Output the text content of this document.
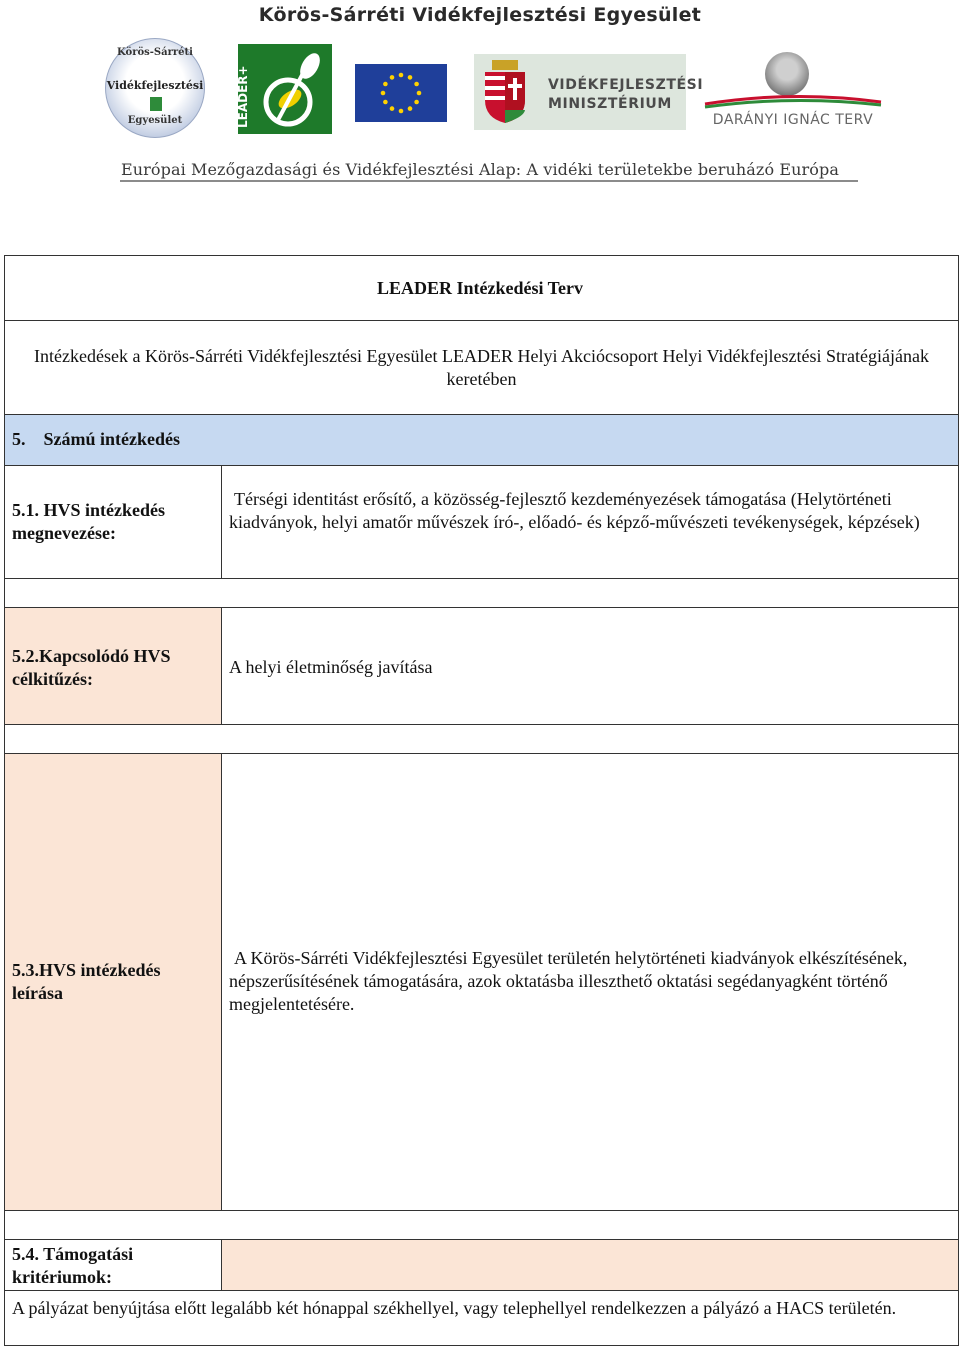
Körös-Sárréti Vidékfejlesztési Egyesület
Körös-Sárréti
Vidékfejlesztési
Egyesület	LEADER+	VIDÉKFEJLESZTÉSI
MINISZTÉRIUM
DARÁNYI IGNÁC TERV
Európai Mezőgazdasági és Vidékfejlesztési Alap: A vidéki területekbe beruházó Európa
LEADER Intézkedési Terv
Intézkedések a Körös-Sárréti Vidékfejlesztési Egyesület LEADER Helyi Akciócsoport Helyi Vidékfejlesztési Stratégiájának keretében
5.    Számú intézkedés
5.1. HVS intézkedés megnevezése:
Térségi identitást erősítő, a közösség-fejlesztő kezdeményezések támogatása (Helytörténeti kiadványok, helyi amatőr művészek író-, előadó- és képző-művészeti tevékenységek, képzések)
5.2.Kapcsolódó HVS célkitűzés:
A helyi életminőség javítása
5.3.HVS intézkedés leírása
A Körös-Sárréti Vidékfejlesztési Egyesület területén helytörténeti kiadványok elkészítésének, népszerűsítésének támogatására, azok oktatásba illeszthető oktatási segédanyagként történő megjelentetésére.
5.4. Támogatási kritériumok:
A pályázat benyújtása előtt legalább két hónappal székhellyel, vagy telephellyel rendelkezzen a pályázó a HACS területén.
